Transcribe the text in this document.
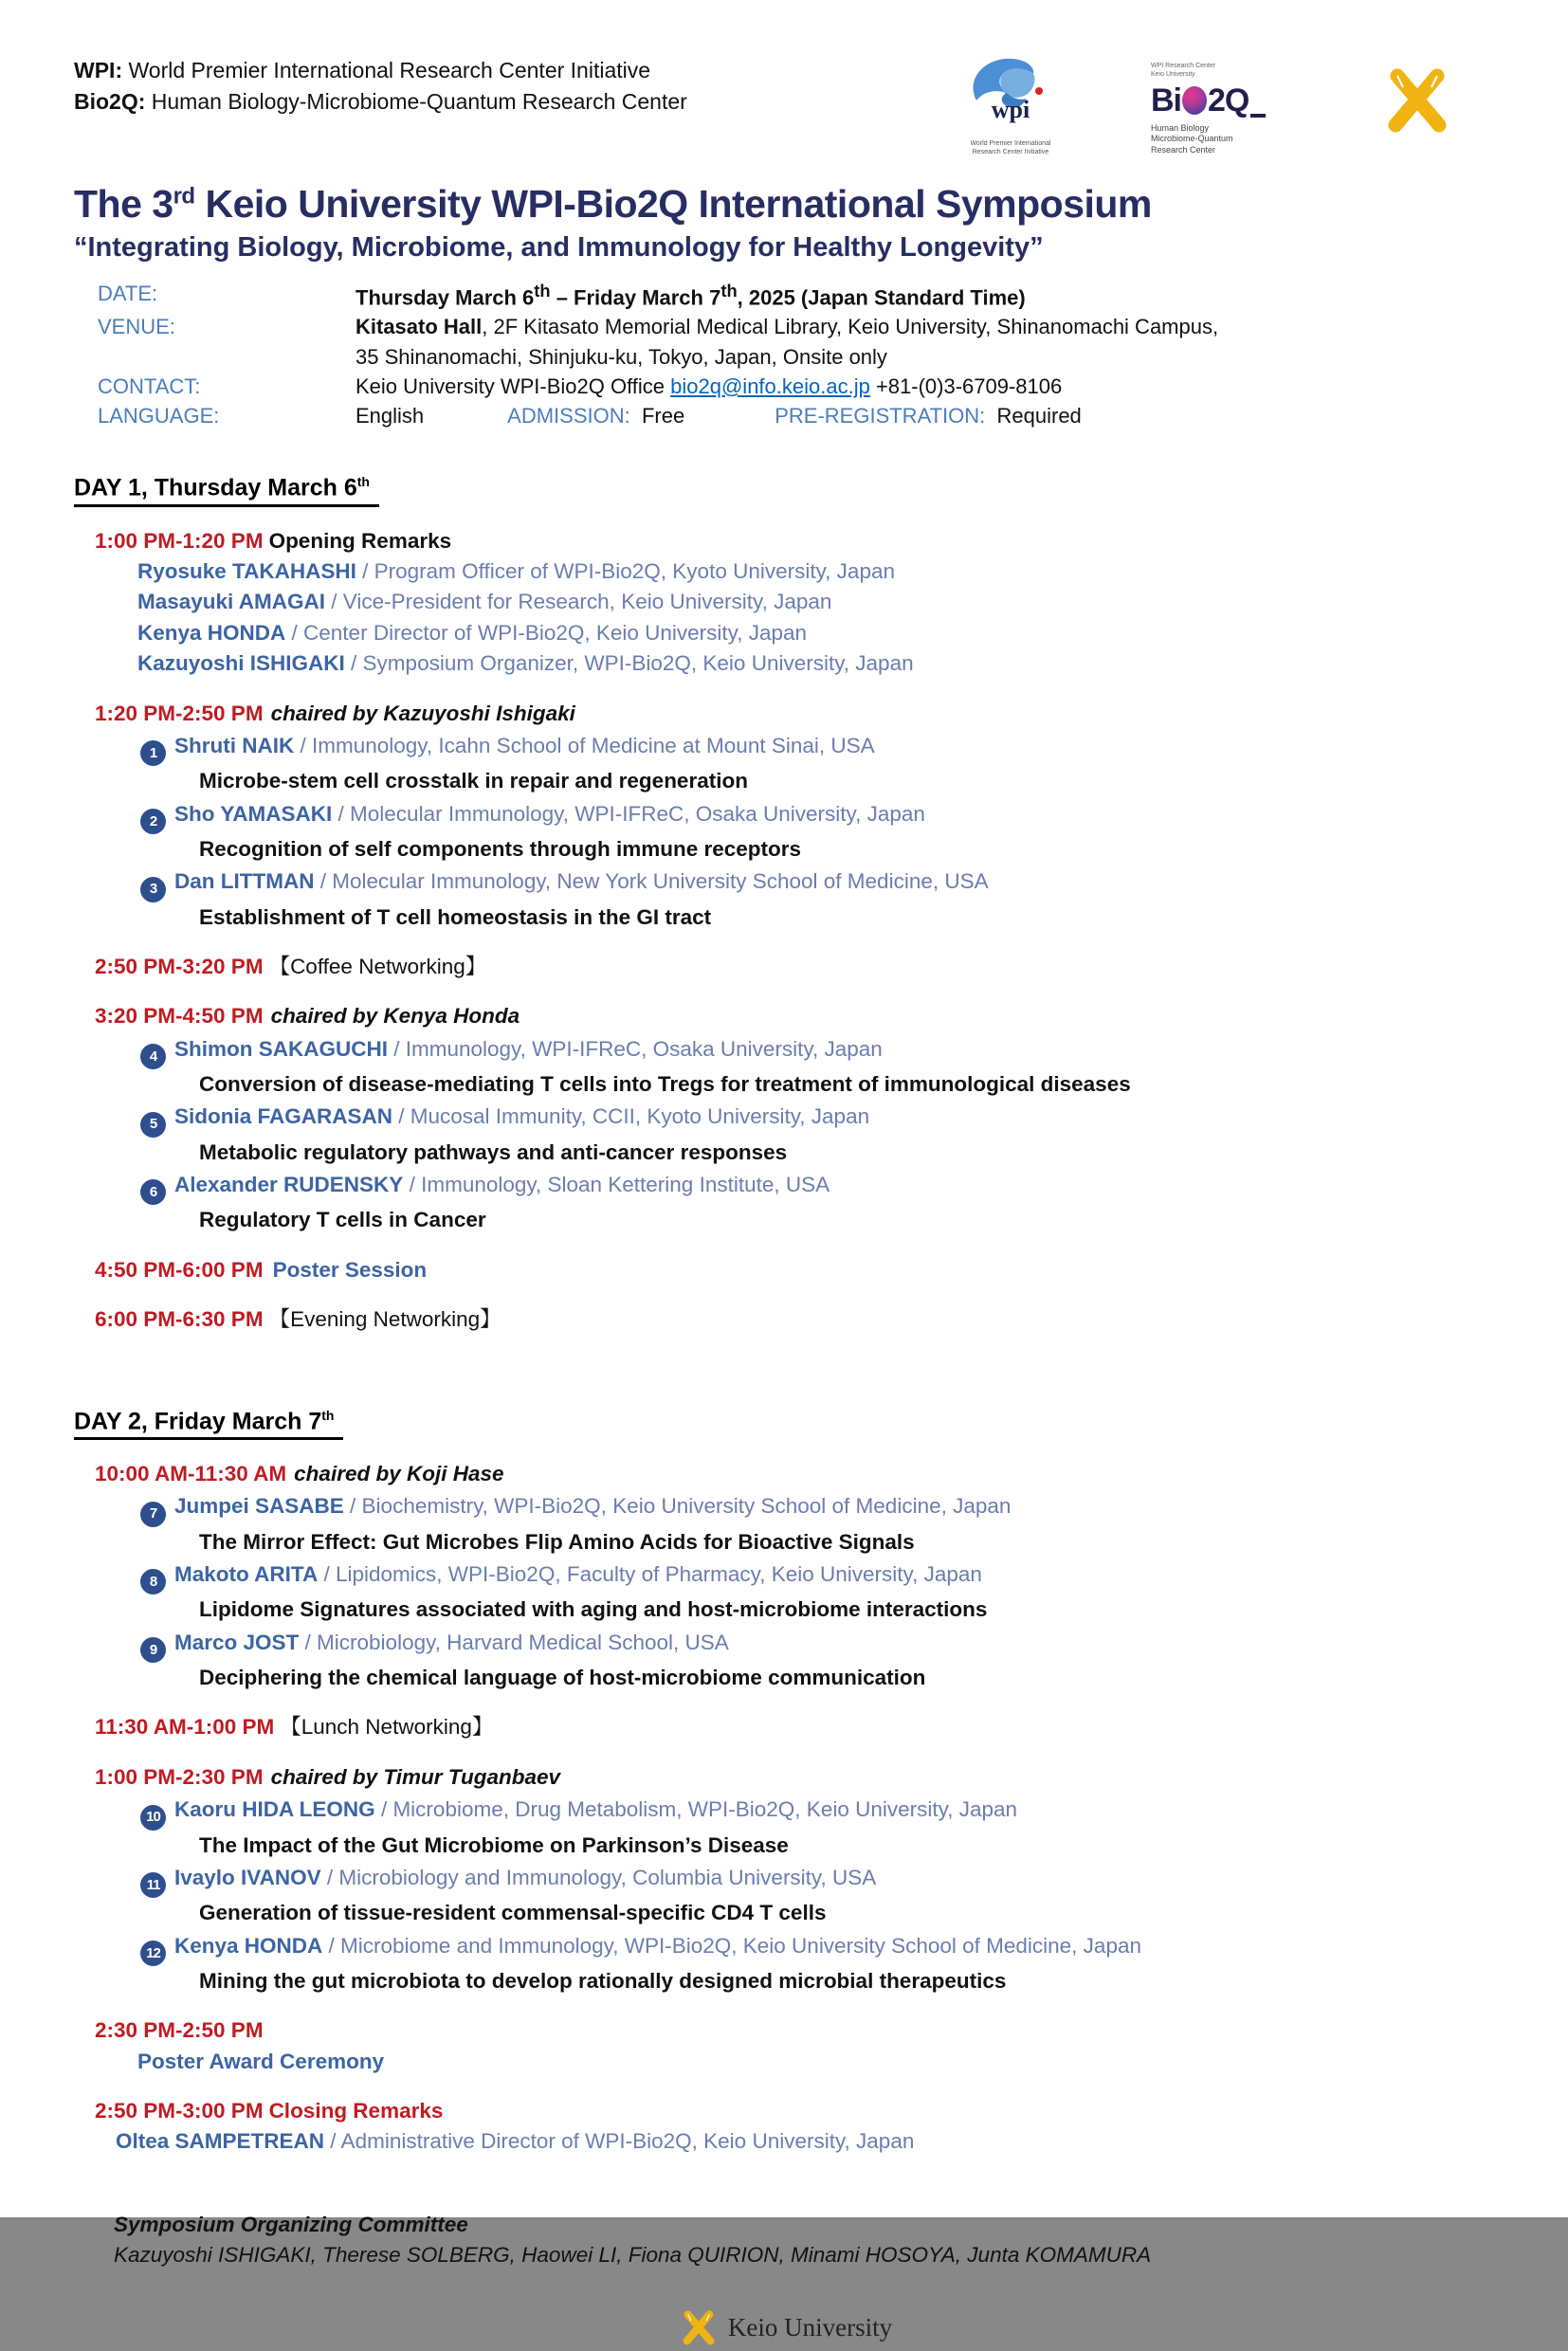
WPI: World Premier International Research Center Initiative
Bio2Q: Human Biology-Microbiome-Quantum Research Center	wpi
World Premier International
Research Center Initiative
WPI Research Center
Keio University
Bi 2Q
Human Biology
Microbiome-Quantum
Research Center
The 3rd Keio University WPI-Bio2Q International Symposium
“Integrating Biology, Microbiome, and Immunology for Healthy Longevity”
DATE:	Thursday March 6th – Friday March 7th, 2025 (Japan Standard Time)
VENUE:	Kitasato Hall, 2F Kitasato Memorial Medical Library, Keio University, Shinanomachi Campus,
35 Shinanomachi, Shinjuku-ku, Tokyo, Japan, Onsite only
CONTACT:	Keio University WPI-Bio2Q Office bio2q@info.keio.ac.jp +81-(0)3-6709-8106
LANGUAGE:	English	ADMISSION: Free	PRE-REGISTRATION: Required
DAY 1, Thursday March 6th
1:00 PM-1:20 PM Opening Remarks
Ryosuke TAKAHASHI / Program Officer of WPI-Bio2Q, Kyoto University, Japan
Masayuki AMAGAI / Vice-President for Research, Keio University, Japan
Kenya HONDA / Center Director of WPI-Bio2Q, Keio University, Japan
Kazuyoshi ISHIGAKI / Symposium Organizer, WPI-Bio2Q, Keio University, Japan
1:20 PM-2:50 PM chaired by Kazuyoshi Ishigaki
1 Shruti NAIK / Immunology, Icahn School of Medicine at Mount Sinai, USA
Microbe-stem cell crosstalk in repair and regeneration
2 Sho YAMASAKI / Molecular Immunology, WPI-IFReC, Osaka University, Japan
Recognition of self components through immune receptors
3 Dan LITTMAN / Molecular Immunology, New York University School of Medicine, USA
Establishment of T cell homeostasis in the GI tract
2:50 PM-3:20 PM 【Coffee Networking】
3:20 PM-4:50 PM chaired by Kenya Honda
4 Shimon SAKAGUCHI / Immunology, WPI-IFReC, Osaka University, Japan
Conversion of disease-mediating T cells into Tregs for treatment of immunological diseases
5 Sidonia FAGARASAN / Mucosal Immunity, CCII, Kyoto University, Japan
Metabolic regulatory pathways and anti-cancer responses
6 Alexander RUDENSKY / Immunology, Sloan Kettering Institute, USA
Regulatory T cells in Cancer
4:50 PM-6:00 PM Poster Session
6:00 PM-6:30 PM 【Evening Networking】
DAY 2, Friday March 7th
10:00 AM-11:30 AM chaired by Koji Hase
7 Jumpei SASABE / Biochemistry, WPI-Bio2Q, Keio University School of Medicine, Japan
The Mirror Effect: Gut Microbes Flip Amino Acids for Bioactive Signals
8 Makoto ARITA / Lipidomics, WPI-Bio2Q, Faculty of Pharmacy, Keio University, Japan
Lipidome Signatures associated with aging and host-microbiome interactions
9 Marco JOST / Microbiology, Harvard Medical School, USA
Deciphering the chemical language of host-microbiome communication
11:30 AM-1:00 PM 【Lunch Networking】
1:00 PM-2:30 PM chaired by Timur Tuganbaev
10 Kaoru HIDA LEONG / Microbiome, Drug Metabolism, WPI-Bio2Q, Keio University, Japan
The Impact of the Gut Microbiome on Parkinson’s Disease
11 Ivaylo IVANOV / Microbiology and Immunology, Columbia University, USA
Generation of tissue-resident commensal-specific CD4 T cells
12 Kenya HONDA / Microbiome and Immunology, WPI-Bio2Q, Keio University School of Medicine, Japan
Mining the gut microbiota to develop rationally designed microbial therapeutics
2:30 PM-2:50 PM
Poster Award Ceremony
2:50 PM-3:00 PM Closing Remarks
Oltea SAMPETREAN / Administrative Director of WPI-Bio2Q, Keio University, Japan
Symposium Organizing Committee
Kazuyoshi ISHIGAKI, Therese SOLBERG, Haowei LI, Fiona QUIRION, Minami HOSOYA, Junta KOMAMURA
Keio University
